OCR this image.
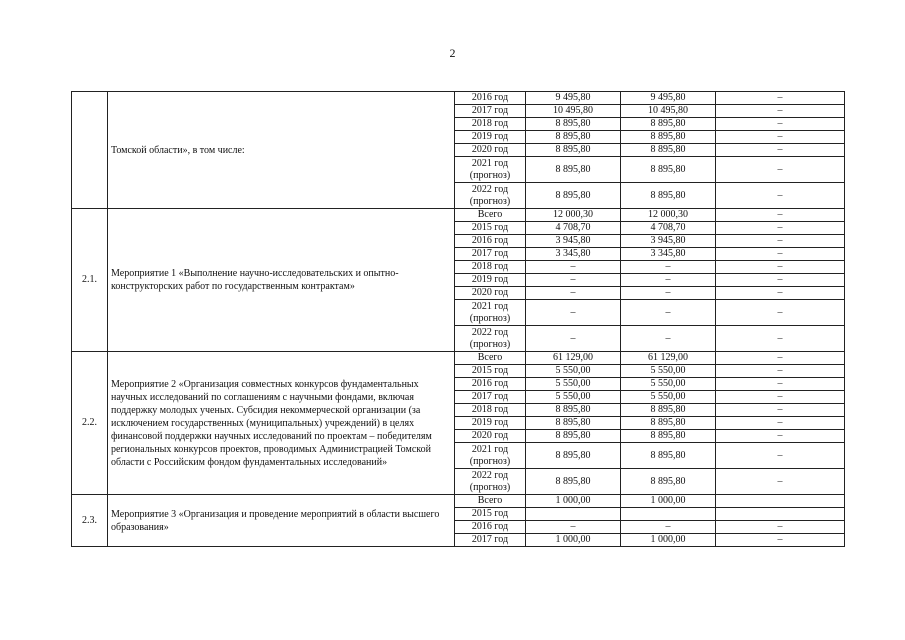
2
	Томской области», в том числе:	2016 год	9 495,80	9 495,80	–
		2017 год	10 495,80	10 495,80	–
		2018 год	8 895,80	8 895,80	–
		2019 год	8 895,80	8 895,80	–
		2020 год	8 895,80	8 895,80	–
		2021 год (прогноз)	8 895,80	8 895,80	–
		2022 год (прогноз)	8 895,80	8 895,80	–
2.1.	Мероприятие 1 «Выполнение научно-исследовательских и опытно-конструкторских работ по государственным контрактам»	Всего	12 000,30	12 000,30	–
		2015 год	4 708,70	4 708,70	–
		2016 год	3 945,80	3 945,80	–
		2017 год	3 345,80	3 345,80	–
		2018 год	–	–	–
		2019 год	–	–	–
		2020 год	–	–	–
		2021 год (прогноз)	–	–	–
		2022 год (прогноз)	–	–	–
2.2.	Мероприятие 2 «Организация совместных конкурсов фундаментальных научных исследований по соглашениям с научными фондами, включая поддержку молодых ученых. Субсидия некоммерческой организации (за исключением государственных (муниципальных) учреждений) в целях финансовой поддержки научных исследований по проектам – победителям региональных конкурсов проектов, проводимых Администрацией Томской области с Российским фондом фундаментальных исследований»	Всего	61 129,00	61 129,00	–
		2015 год	5 550,00	5 550,00	–
		2016 год	5 550,00	5 550,00	–
		2017 год	5 550,00	5 550,00	–
		2018 год	8 895,80	8 895,80	–
		2019 год	8 895,80	8 895,80	–
		2020 год	8 895,80	8 895,80	–
		2021 год (прогноз)	8 895,80	8 895,80	–
		2022 год (прогноз)	8 895,80	8 895,80	–
2.3.	Мероприятие 3 «Организация и проведение мероприятий в области высшего образования»	Всего	1 000,00	1 000,00	
		2015 год			
		2016 год	–	–	–
		2017 год	1 000,00	1 000,00	–
